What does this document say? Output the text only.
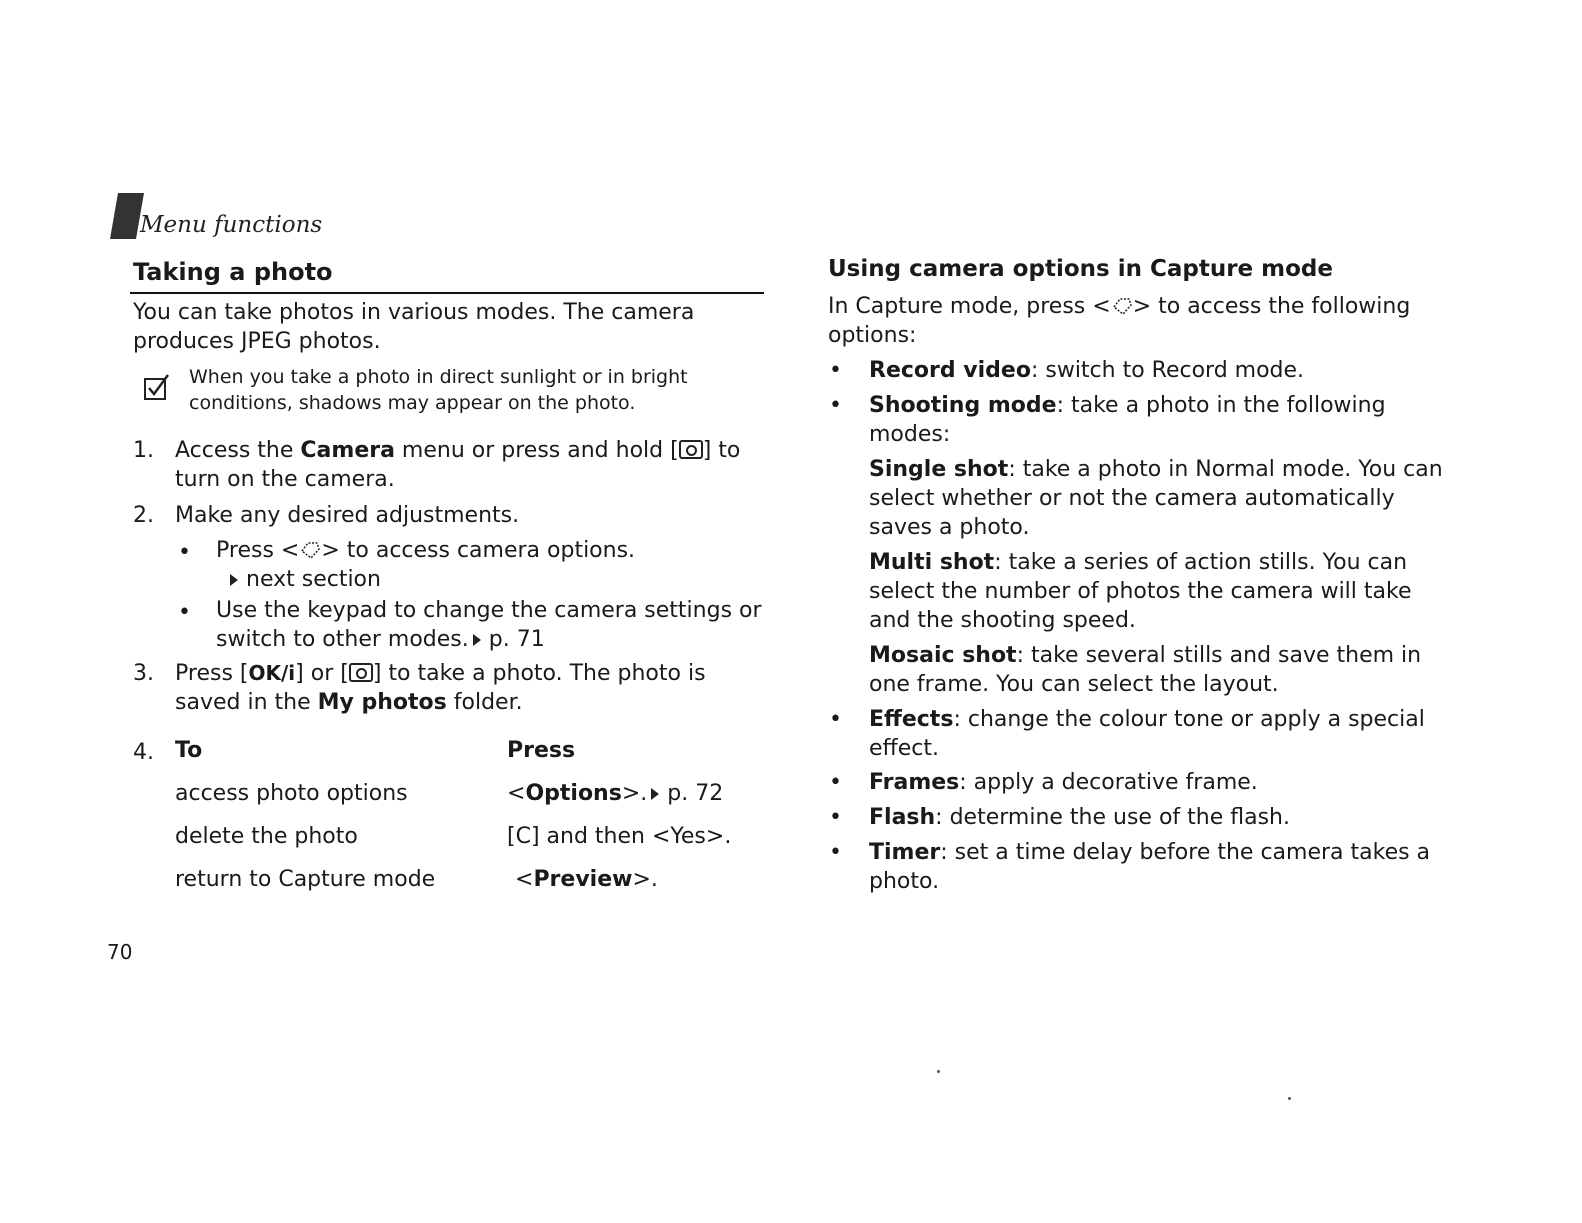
Menu functions
Taking a photo
You can take photos in various modes. The camera produces JPEG photos.
When you take a photo in direct sunlight or in bright conditions, shadows may appear on the photo.
1. Access the Camera menu or press and hold [ ] to turn on the camera.
2. Make any desired adjustments.
• Press < > to access camera options.
next section
• Use the keypad to change the camera settings or switch to other modes. p. 71
3. Press [OK/i] or [ ] to take a photo. The photo is saved in the My photos folder.
4. To	Press
access photo options	<Options>. p. 72
delete the photo	[C] and then <Yes>.
return to Capture mode	<Preview>.
70
Using camera options in Capture mode
In Capture mode, press < > to access the following options:
• Record video: switch to Record mode.
• Shooting mode: take a photo in the following modes:
Single shot: take a photo in Normal mode. You can select whether or not the camera automatically saves a photo.
Multi shot: take a series of action stills. You can select the number of photos the camera will take and the shooting speed.
Mosaic shot: take several stills and save them in one frame. You can select the layout.
• Effects: change the colour tone or apply a special effect.
• Frames: apply a decorative frame.
• Flash: determine the use of the flash.
• Timer: set a time delay before the camera takes a photo.
